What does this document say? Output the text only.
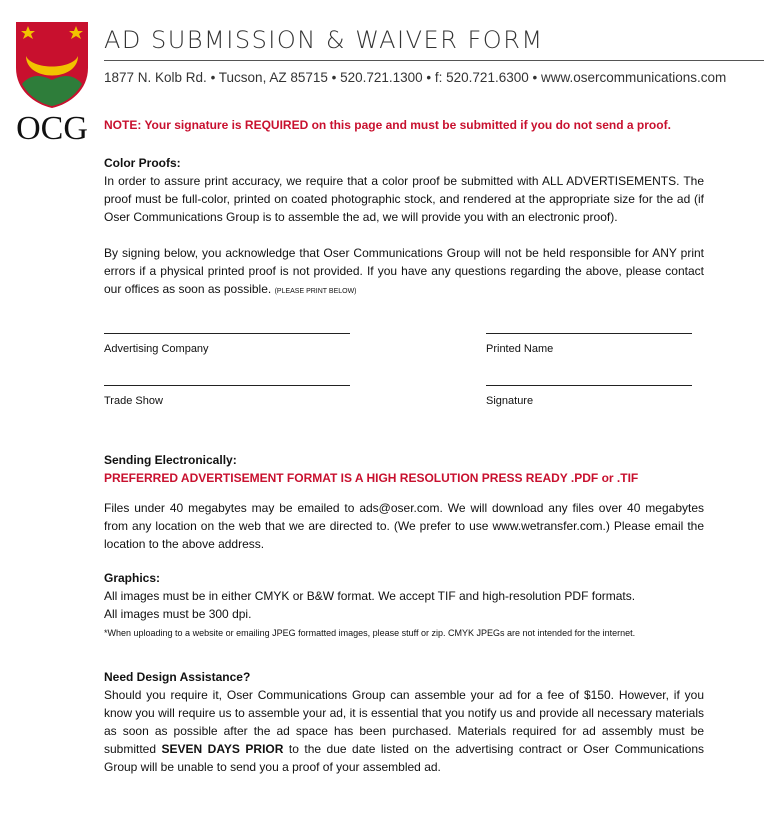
OCG
AD SUBMISSION & WAIVER FORM
1877 N. Kolb Rd. • Tucson, AZ 85715 • 520.721.1300 • f: 520.721.6300 • www.osercommunications.com

NOTE: Your signature is REQUIRED on this page and must be submitted if you do not send a proof.

Color Proofs:

In order to assure print accuracy, we require that a color proof be submitted with ALL ADVERTISEMENTS. The proof must be full-color, printed on coated photographic stock, and rendered at the appropriate size for the ad (if Oser Communications Group is to assemble the ad, we will provide you with an electronic proof).

By signing below, you acknowledge that Oser Communications Group will not be held responsible for ANY print errors if a physical printed proof is not provided. If you have any questions regarding the above, please contact our offices as soon as possible. (PLEASE PRINT BELOW)

Advertising Company	Printed Name
Trade Show	Signature

Sending Electronically:

PREFERRED ADVERTISEMENT FORMAT IS A HIGH RESOLUTION PRESS READY .PDF or .TIF

Files under 40 megabytes may be emailed to ads@oser.com. We will download any files over 40 megabytes from any location on the web that we are directed to. (We prefer to use www.wetransfer.com.) Please email the location to the above address.

Graphics:

All images must be in either CMYK or B&W format. We accept TIF and high-resolution PDF formats.

All images must be 300 dpi.

*When uploading to a website or emailing JPEG formatted images, please stuff or zip. CMYK JPEGs are not intended for the internet.

Need Design Assistance?

Should you require it, Oser Communications Group can assemble your ad for a fee of $150. However, if you know you will require us to assemble your ad, it is essential that you notify us and provide all necessary materials as soon as possible after the ad space has been purchased. Materials required for ad assembly must be submitted SEVEN DAYS PRIOR to the due date listed on the advertising contract or Oser Communications Group will be unable to send you a proof of your assembled ad.
